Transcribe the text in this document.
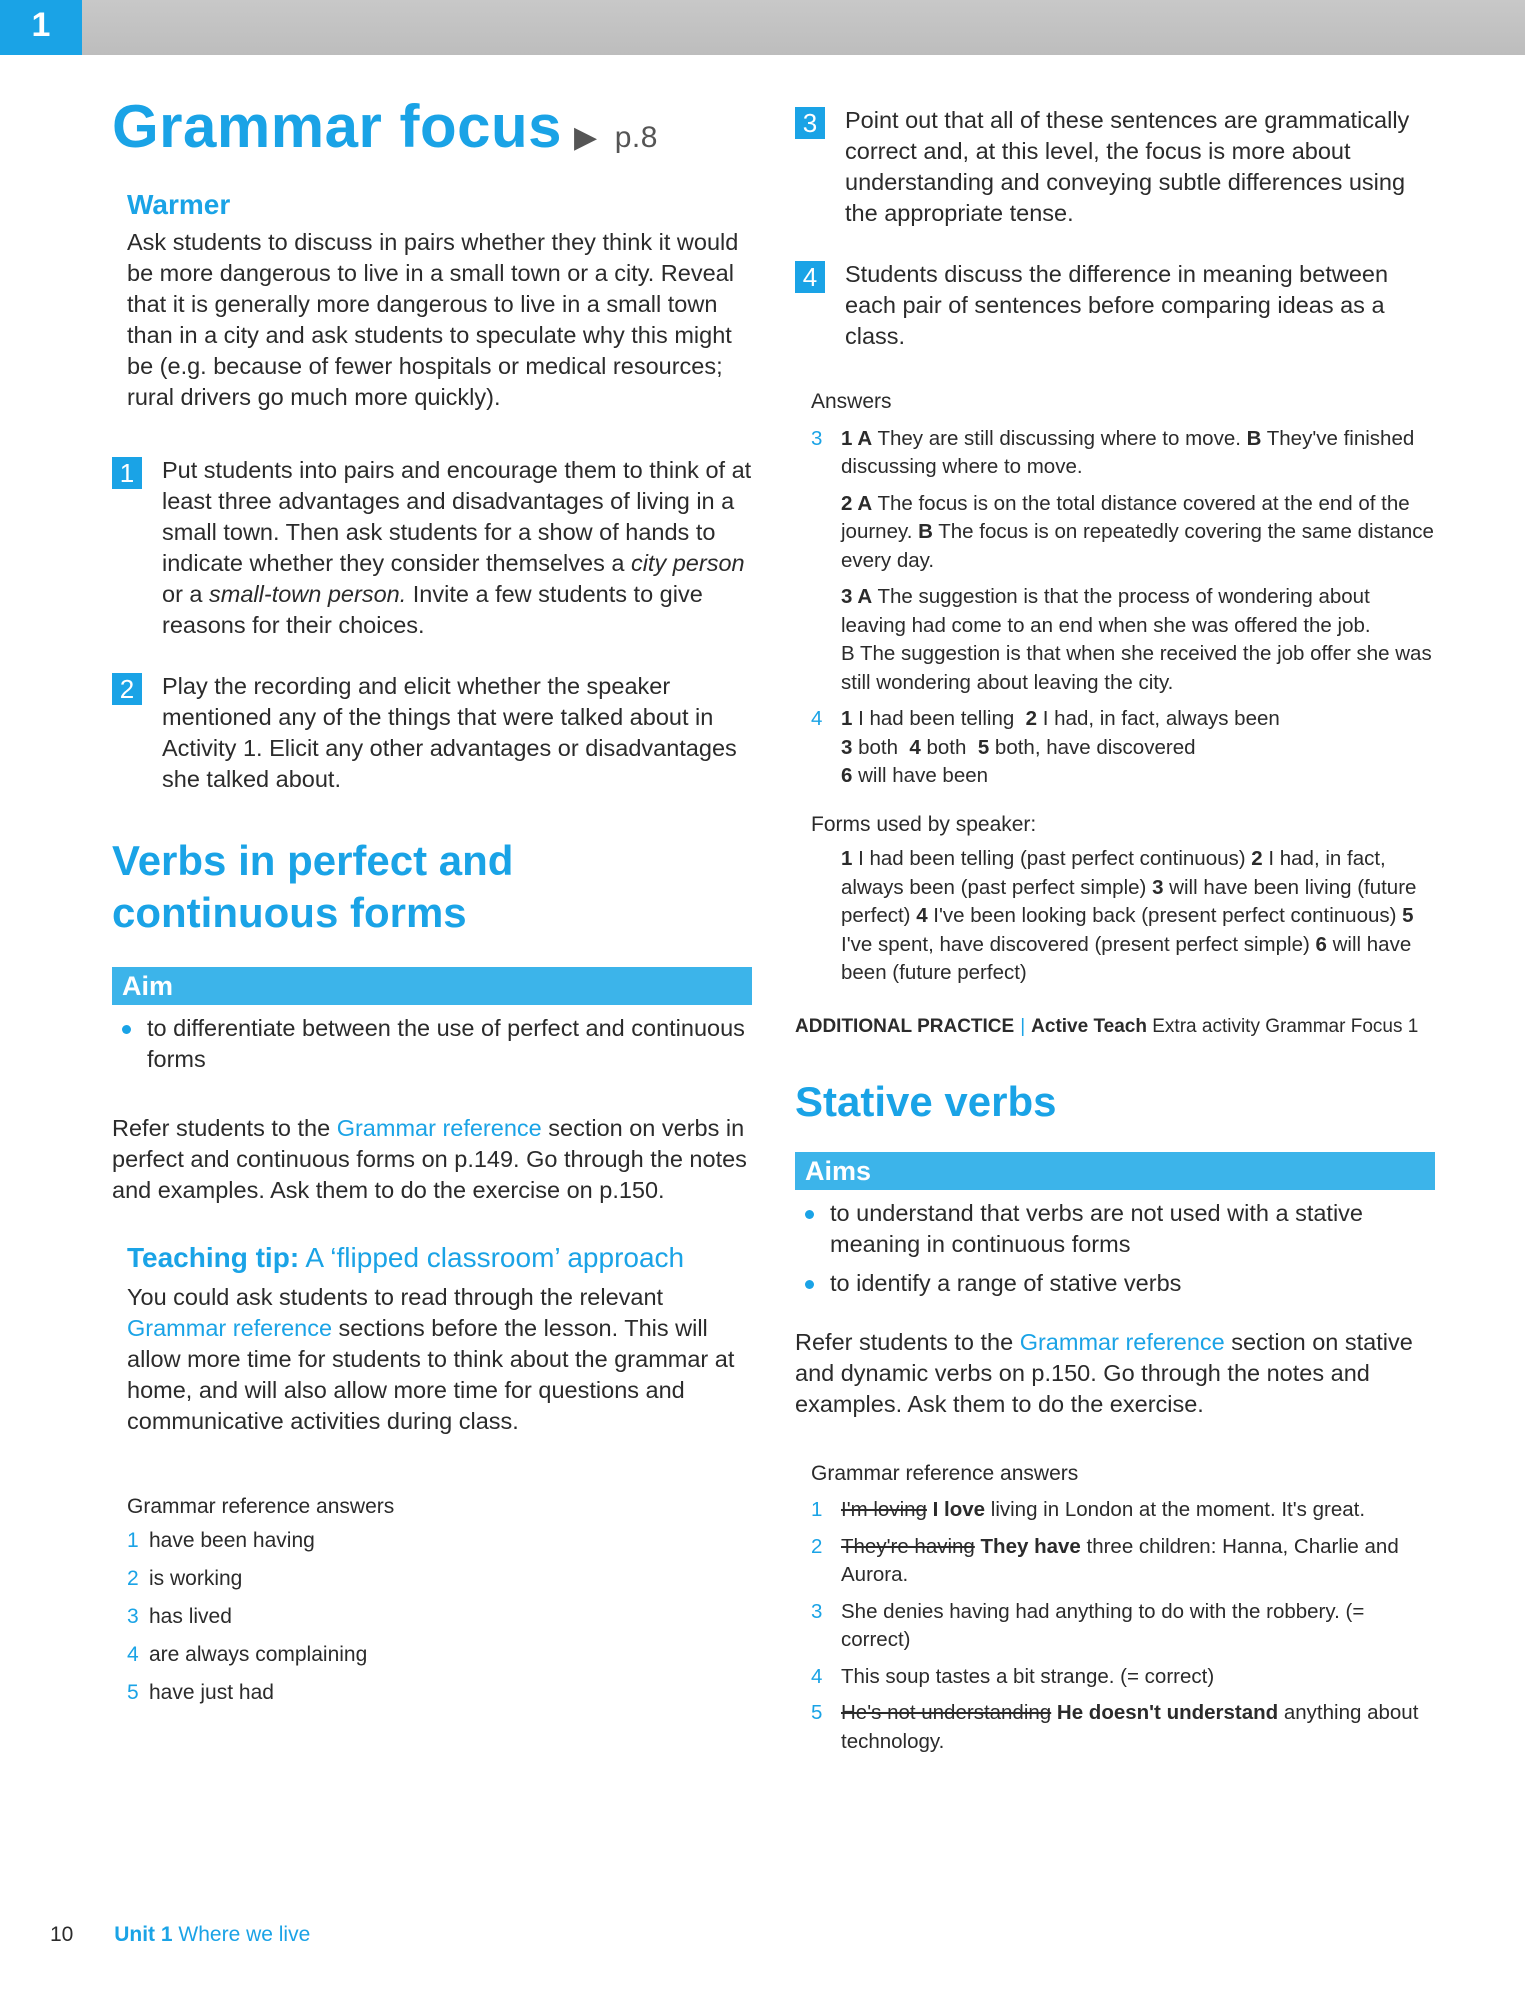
1
Grammar focus ▶ p.8
Warmer

Ask students to discuss in pairs whether they think it would be more dangerous to live in a small town or a city. Reveal that it is generally more dangerous to live in a small town than in a city and ask students to speculate why this might be (e.g. because of fewer hospitals or medical resources; rural drivers go much more quickly).

1	Put students into pairs and encourage them to think of at least three advantages and disadvantages of living in a small town. Then ask students for a show of hands to indicate whether they consider themselves a city person or a small-town person. Invite a few students to give reasons for their choices.
2	Play the recording and elicit whether the speaker mentioned any of the things that were talked about in Activity 1. Elicit any other advantages or disadvantages she talked about.
Verbs in perfect and
continuous forms
Aim
to differentiate between the use of perfect and continuous forms

Refer students to the Grammar reference section on verbs in perfect and continuous forms on p.149. Go through the notes and examples. Ask them to do the exercise on p.150.

Teaching tip: A ‘flipped classroom’ approach

You could ask students to read through the relevant Grammar reference sections before the lesson. This will allow more time for students to think about the grammar at home, and will also allow more time for questions and communicative activities during class.

Grammar reference answers
1 have been having
2 is working
3 has lived
4 are always complaining
5 have just had
3	Point out that all of these sentences are grammatically correct and, at this level, the focus is more about understanding and conveying subtle differences using the appropriate tense.
4	Students discuss the difference in meaning between each pair of sentences before comparing ideas as a class.
Answers
3 1 A They are still discussing where to move. B They've finished discussing where to move.
2 A The focus is on the total distance covered at the end of the journey. B The focus is on repeatedly covering the same distance every day.
3 A The suggestion is that the process of wondering about leaving had come to an end when she was offered the job.
B The suggestion is that when she received the job offer she was still wondering about leaving the city.
4 1 I had been telling  2 I had, in fact, always been
3 both  4 both  5 both, have discovered
6 will have been
Forms used by speaker:
1 I had been telling (past perfect continuous) 2 I had, in fact, always been (past perfect simple) 3 will have been living (future perfect) 4 I've been looking back (present perfect continuous) 5 I've spent, have discovered (present perfect simple) 6 will have been (future perfect)
ADDITIONAL PRACTICE | Active Teach Extra activity Grammar Focus 1
Stative verbs
Aims
to understand that verbs are not used with a stative meaning in continuous forms
to identify a range of stative verbs

Refer students to the Grammar reference section on stative and dynamic verbs on p.150. Go through the notes and examples. Ask them to do the exercise.

Grammar reference answers
1 I'm loving I love living in London at the moment. It's great.
2 They're having They have three children: Hanna, Charlie and Aurora.
3 She denies having had anything to do with the robbery. (= correct)
4 This soup tastes a bit strange. (= correct)
5 He's not understanding He doesn't understand anything about technology.
10 Unit 1 Where we live
